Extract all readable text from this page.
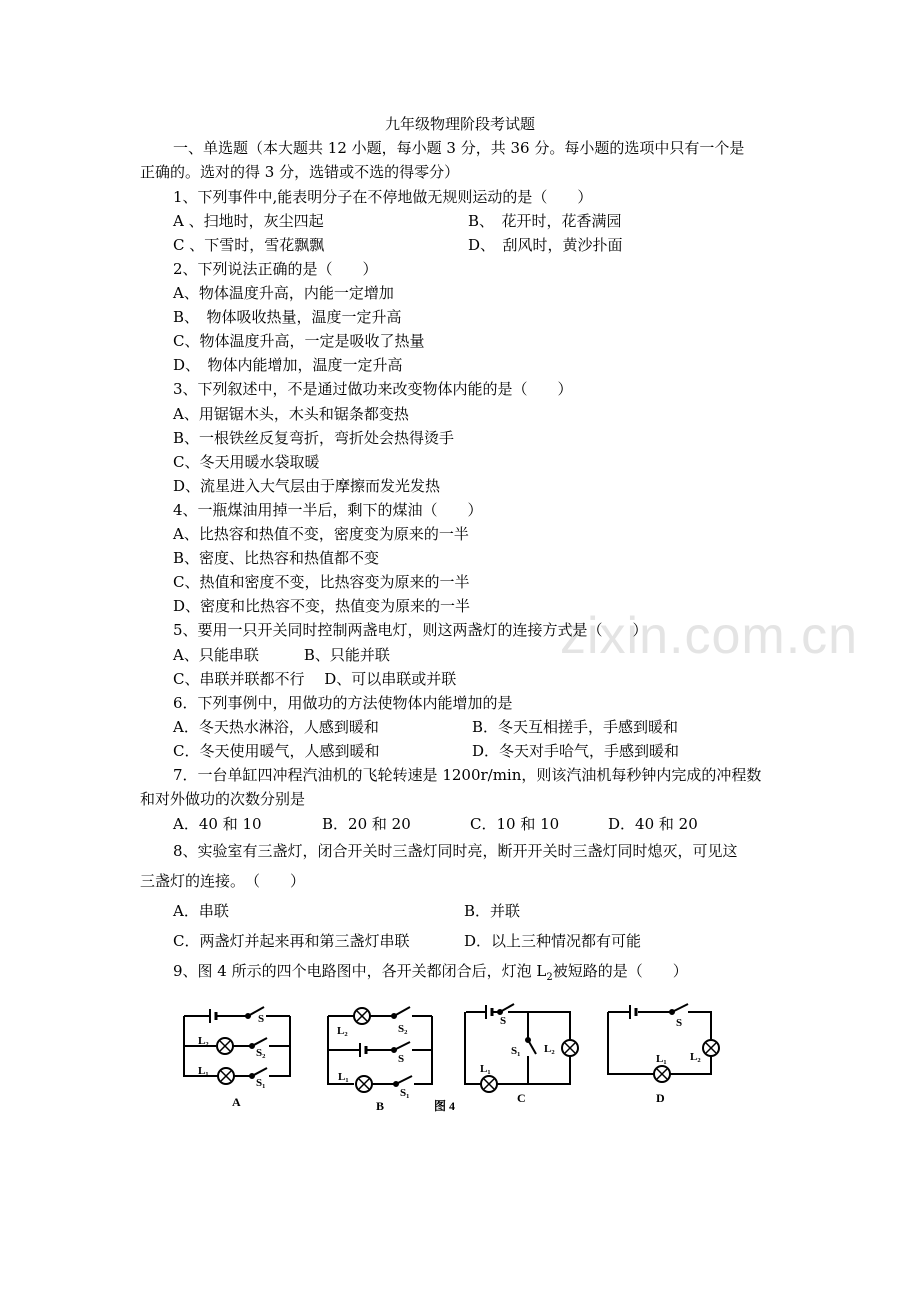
zixin.com.cn
九年级物理阶段考试题
一、单选题（本大题共 12 小题，每小题 3 分，共 36 分。每小题的选项中只有一个是
正确的。选对的得 3 分，选错或不选的得零分）
1、下列事件中,能表明分子在不停地做无规则运动的是（　　）
A 、扫地时，灰尘四起	B、　花开时，花香满园
C 、下雪时，雪花飘飘	D、　刮风时，黄沙扑面
2、下列说法正确的是（　　）
A、物体温度升高，内能一定增加
B、　物体吸收热量，温度一定升高
C、物体温度升高，一定是吸收了热量
D、　物体内能增加，温度一定升高
3、下列叙述中，不是通过做功来改变物体内能的是（　　）
A、用锯锯木头，木头和锯条都变热
B、一根铁丝反复弯折，弯折处会热得烫手
C、冬天用暖水袋取暖
D、流星进入大气层由于摩擦而发光发热
4、一瓶煤油用掉一半后，剩下的煤油（　　）
A、比热容和热值不变，密度变为原来的一半
B、密度、比热容和热值都不变
C、热值和密度不变，比热容变为原来的一半
D、密度和比热容不变，热值变为原来的一半
5、要用一只开关同时控制两盏电灯，则这两盏灯的连接方式是（　　）
A、只能串联　　　B、只能并联
C、串联并联都不行　 D、可以串联或并联
6．下列事例中，用做功的方法使物体内能增加的是
A．冬天热水淋浴，人感到暖和	B．冬天互相搓手，手感到暖和
C．冬天使用暖气，人感到暖和	D．冬天对手哈气，手感到暖和
7．一台单缸四冲程汽油机的飞轮转速是 1200r/min，则该汽油机每秒钟内完成的冲程数
和对外做功的次数分别是
A．40 和 10	B．20 和 20	C．10 和 10	D．40 和 20
8、实验室有三盏灯，闭合开关时三盏灯同时亮，断开开关时三盏灯同时熄灭，可见这
三盏灯的连接。　（　　）
A．串联	B．并联
C．两盏灯并起来再和第三盏灯串联	D．以上三种情况都有可能
9、图 4 所示的四个电路图中，各开关都闭合后，灯泡 $L_2$被短路的是（　　）
S
S₂
S₁
L₂
L₁
A
L₂	S₂
S
L₁
S₁
B
S
S₁ L₂
L₁
C
S
L₁ L₂
D
图 4
